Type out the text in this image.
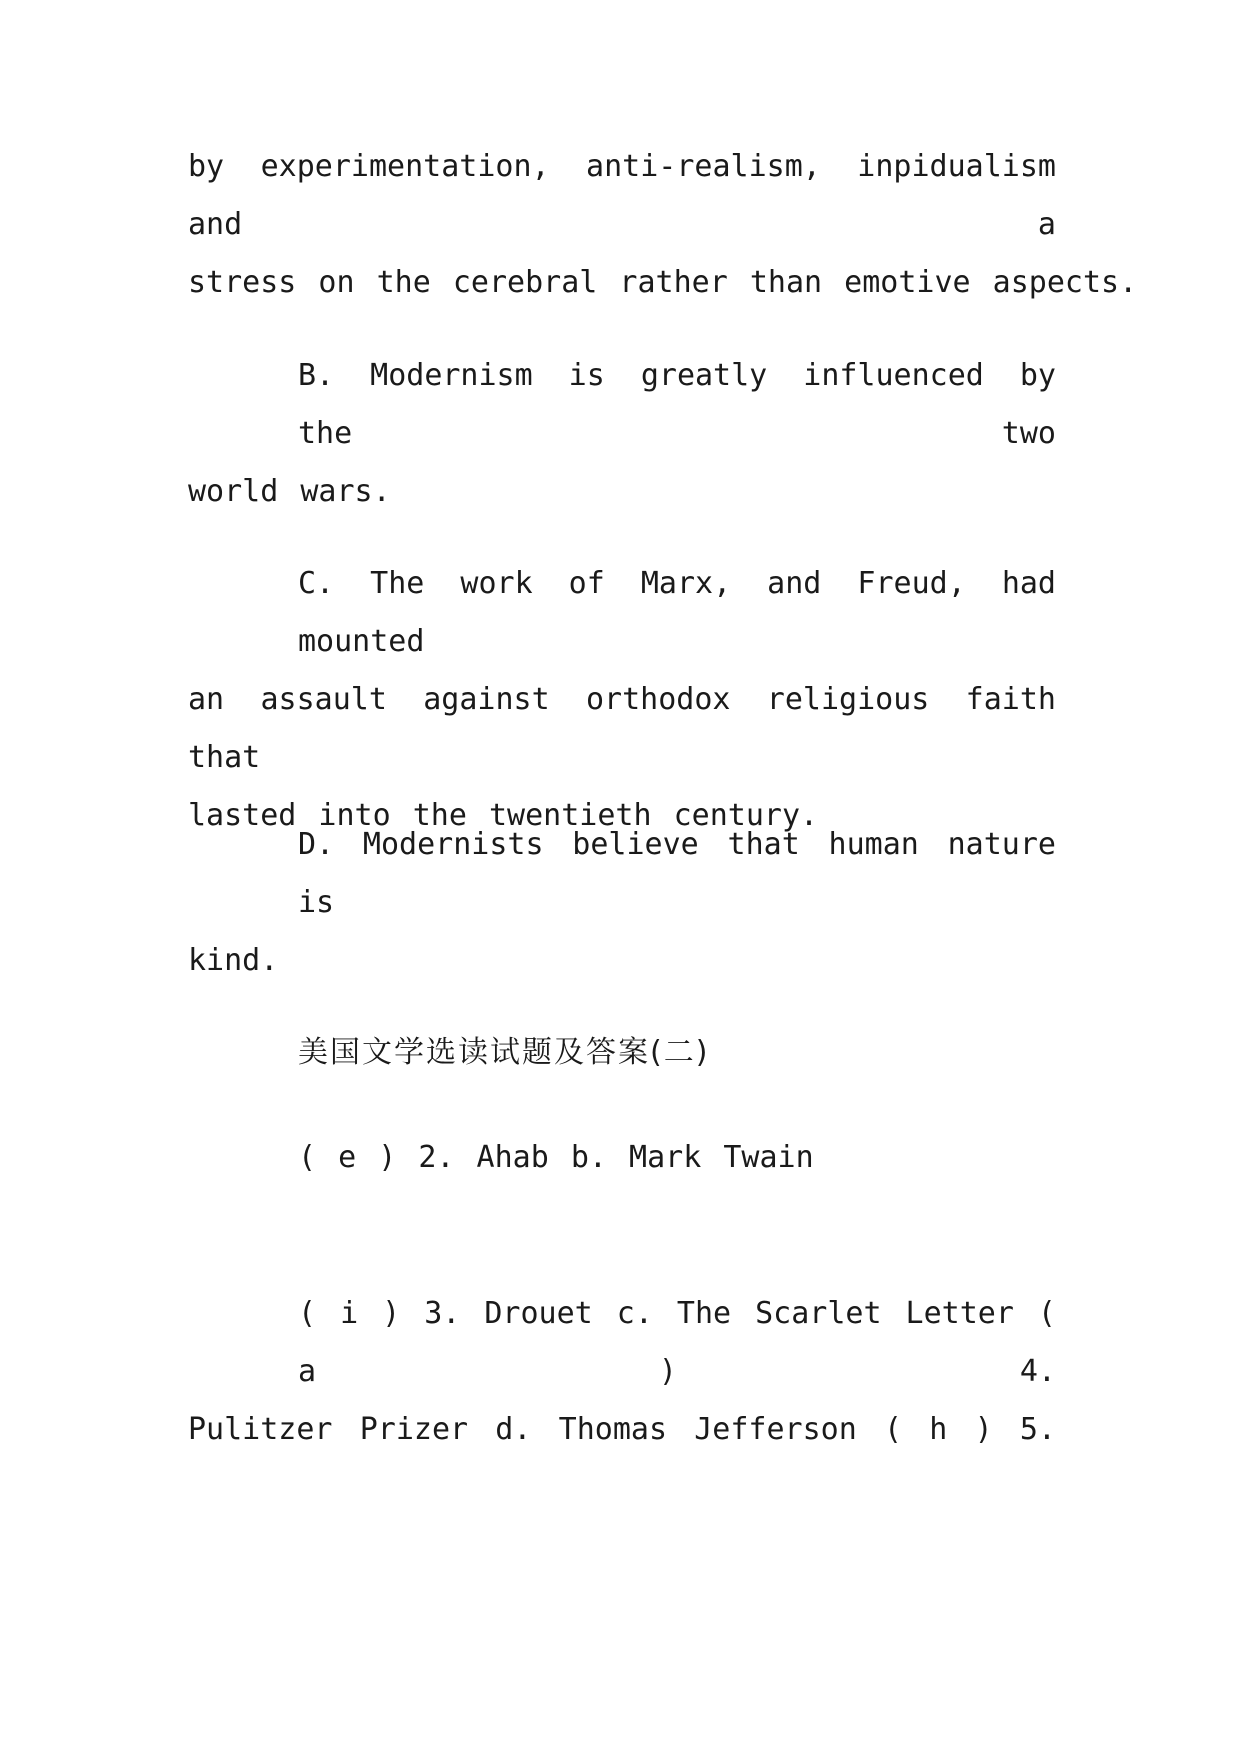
by experimentation, anti-realism, inpidualism and a
stress on the cerebral rather than emotive aspects.
B. Modernism is greatly influenced by the two
world wars.
C. The work of Marx, and Freud, had mounted
an assault against orthodox religious faith that
lasted into the twentieth century.
D. Modernists believe that human nature is
kind.
美国文学选读试题及答案(二)
( e ) 2. Ahab b. Mark Twain
( i ) 3. Drouet c. The Scarlet Letter ( a ) 4.
Pulitzer Prizer d. Thomas Jefferson ( h ) 5.
